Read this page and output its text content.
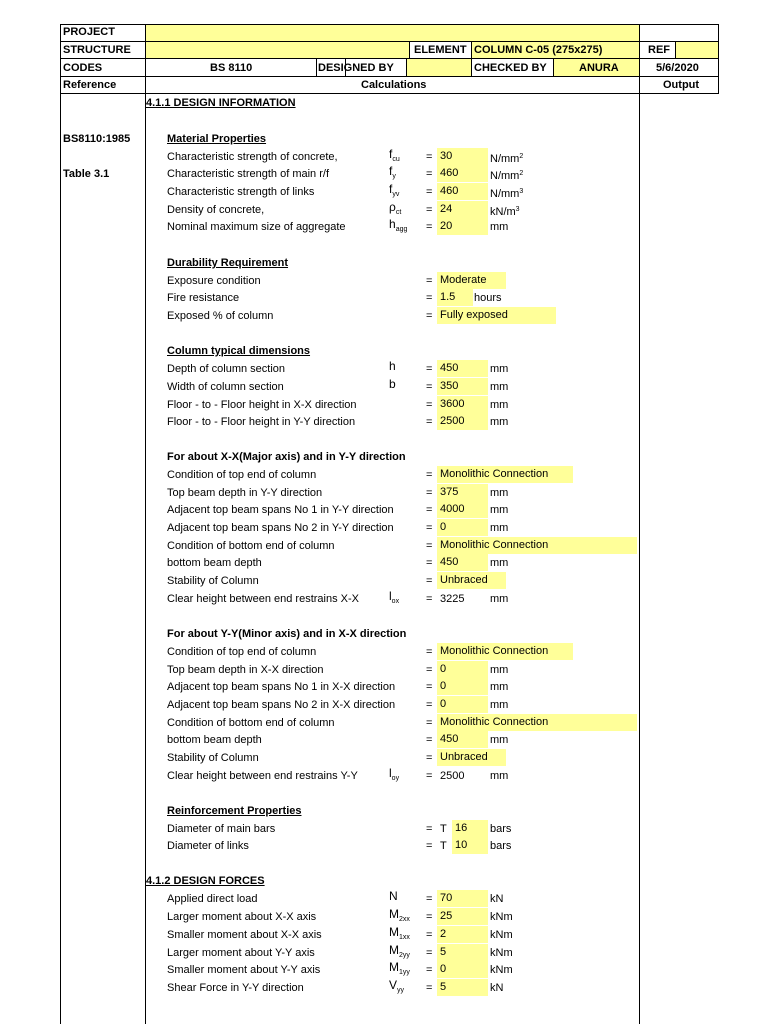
PROJECT
STRUCTURE	ELEMENT COLUMN C-05 (275x275)	REF
CODES	BS 8110	DESIGNED BY	CHECKED BY	ANURA	5/6/2020
Reference	Calculations	Output
4.1.1 DESIGN INFORMATION
BS8110:1985
Table 3.1
Material Properties
Characteristic strength of concrete,	$f_{cu} = 30$	$N/mm^2$
Characteristic strength of main r/f	$f_y$	= 460	$N/mm^2$
Characteristic strength of links	$f_{yv} = 460$	$N/mm^3$
Density of concrete,	$\rho_{ct} = 24$	$kN/m^3$
Nominal maximum size of aggregate	$h_{agg} = 20$	mm
Durability Requirement
Exposure condition	= Moderate
Fire resistance	= 1.5	hours
Exposed % of column	= Fully exposed
Column typical dimensions
Depth of column section	h	= 450	mm
Width of column section	b	= 350	mm
Floor - to - Floor height in X-X direction	= 3600	mm
Floor - to - Floor height in Y-Y direction	= 2500	mm
For about X-X(Major axis) and in Y-Y direction
Condition of top end of column	= Monolithic Connection
Top beam depth in Y-Y direction	= 375	mm
Adjacent top beam spans No 1 in Y-Y direction	= 4000	mm
Adjacent top beam spans No 2 in Y-Y direction	= 0	mm
Condition of bottom end of column	= Monolithic Connection
bottom beam depth	= 450	mm
Stability of Column	= Unbraced
Clear height between end restrains X-X	$l_{ox} = 3225$ mm
For about Y-Y(Minor axis) and in X-X direction
Condition of top end of column	= Monolithic Connection
Top beam depth in X-X direction	= 0	mm
Adjacent top beam spans No 1 in X-X direction	= 0	mm
Adjacent top beam spans No 2 in X-X direction	= 0	mm
Condition of bottom end of column	= Monolithic Connection
bottom beam depth	= 450	mm
Stability of Column	= Unbraced
Clear height between end restrains Y-Y	$l_{oy} = 2500$ mm
Reinforcement Properties
Diameter of main bars	= T 16	bars
Diameter of links	= T 10	bars
4.1.2 DESIGN FORCES
Applied direct load	N	= 70	kN
Larger moment about X-X axis	$M_{2xx} = 25$	kNm
Smaller moment about X-X axis	$M_{1xx} = 2$	kNm
Larger moment about Y-Y axis	$M_{2yy} = 5$	kNm
Smaller moment about Y-Y axis	$M_{1yy} = 0$	kNm
Shear Force in Y-Y direction	$V_{yy} = 5$	kN
